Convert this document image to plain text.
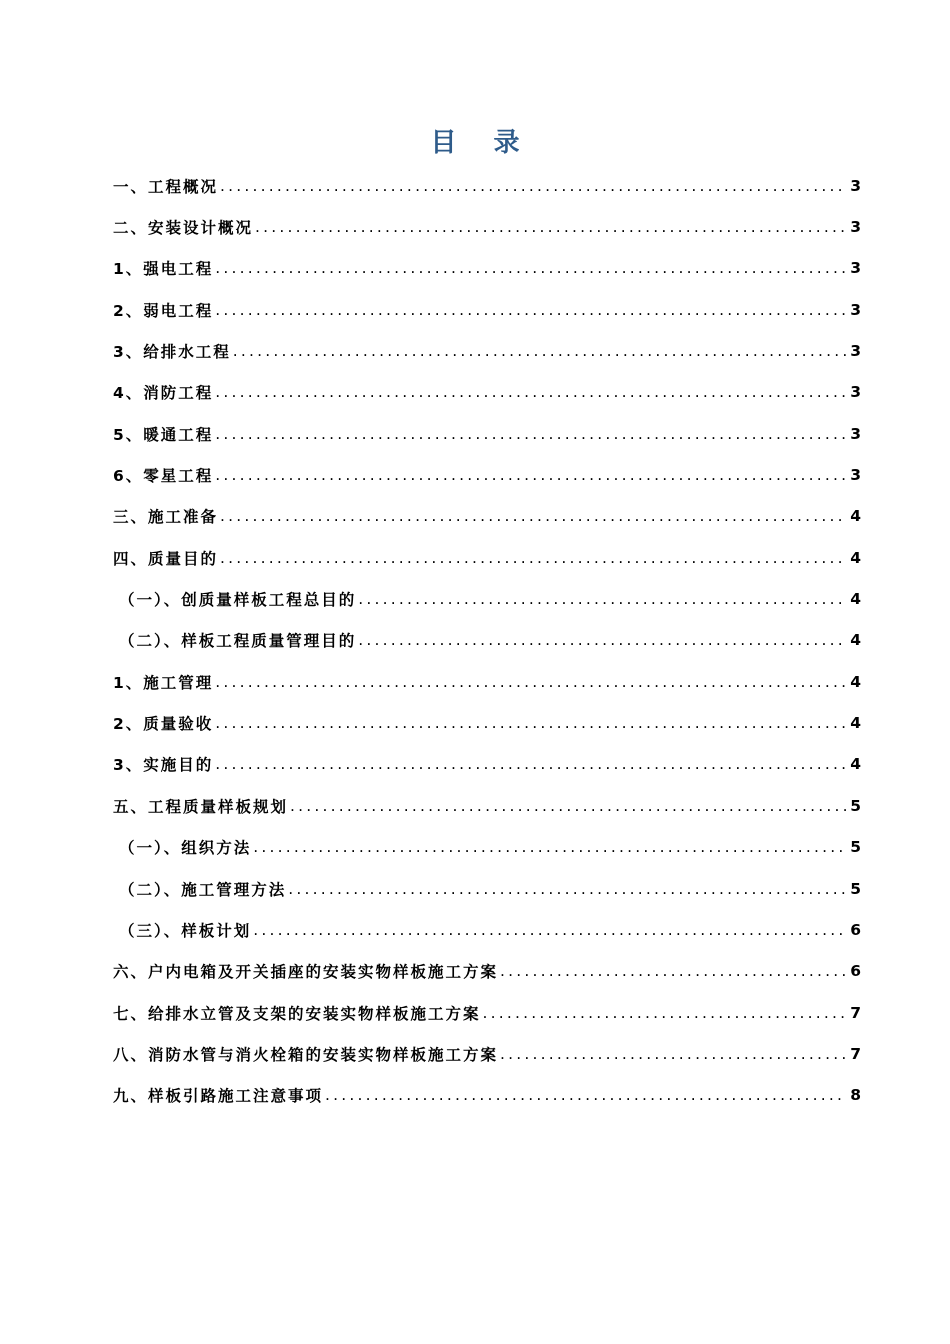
目 录
一、工程概况 .....	3
二、安装设计概况 .....	3
1、强电工程 .....	3
2、弱电工程 .....	3
3、给排水工程 .....	3
4、消防工程 .....	3
5、暖通工程 .....	3
6、零星工程 .....	3
三、施工准备 .....	4
四、质量目的 .....	4
（一）、创质量样板工程总目的 .....	4
（二）、样板工程质量管理目的 .....	4
1、施工管理 .....	4
2、质量验收 .....	4
3、实施目的 .....	4
五、工程质量样板规划 .....	5
（一）、组织方法 .....	5
（二）、施工管理方法 .....	5
（三）、样板计划 .....	6
六、户内电箱及开关插座的安装实物样板施工方案 .....	6
七、给排水立管及支架的安装实物样板施工方案 .....	7
八、消防水管与消火栓箱的安装实物样板施工方案 .....	7
九、样板引路施工注意事项 .....	8
